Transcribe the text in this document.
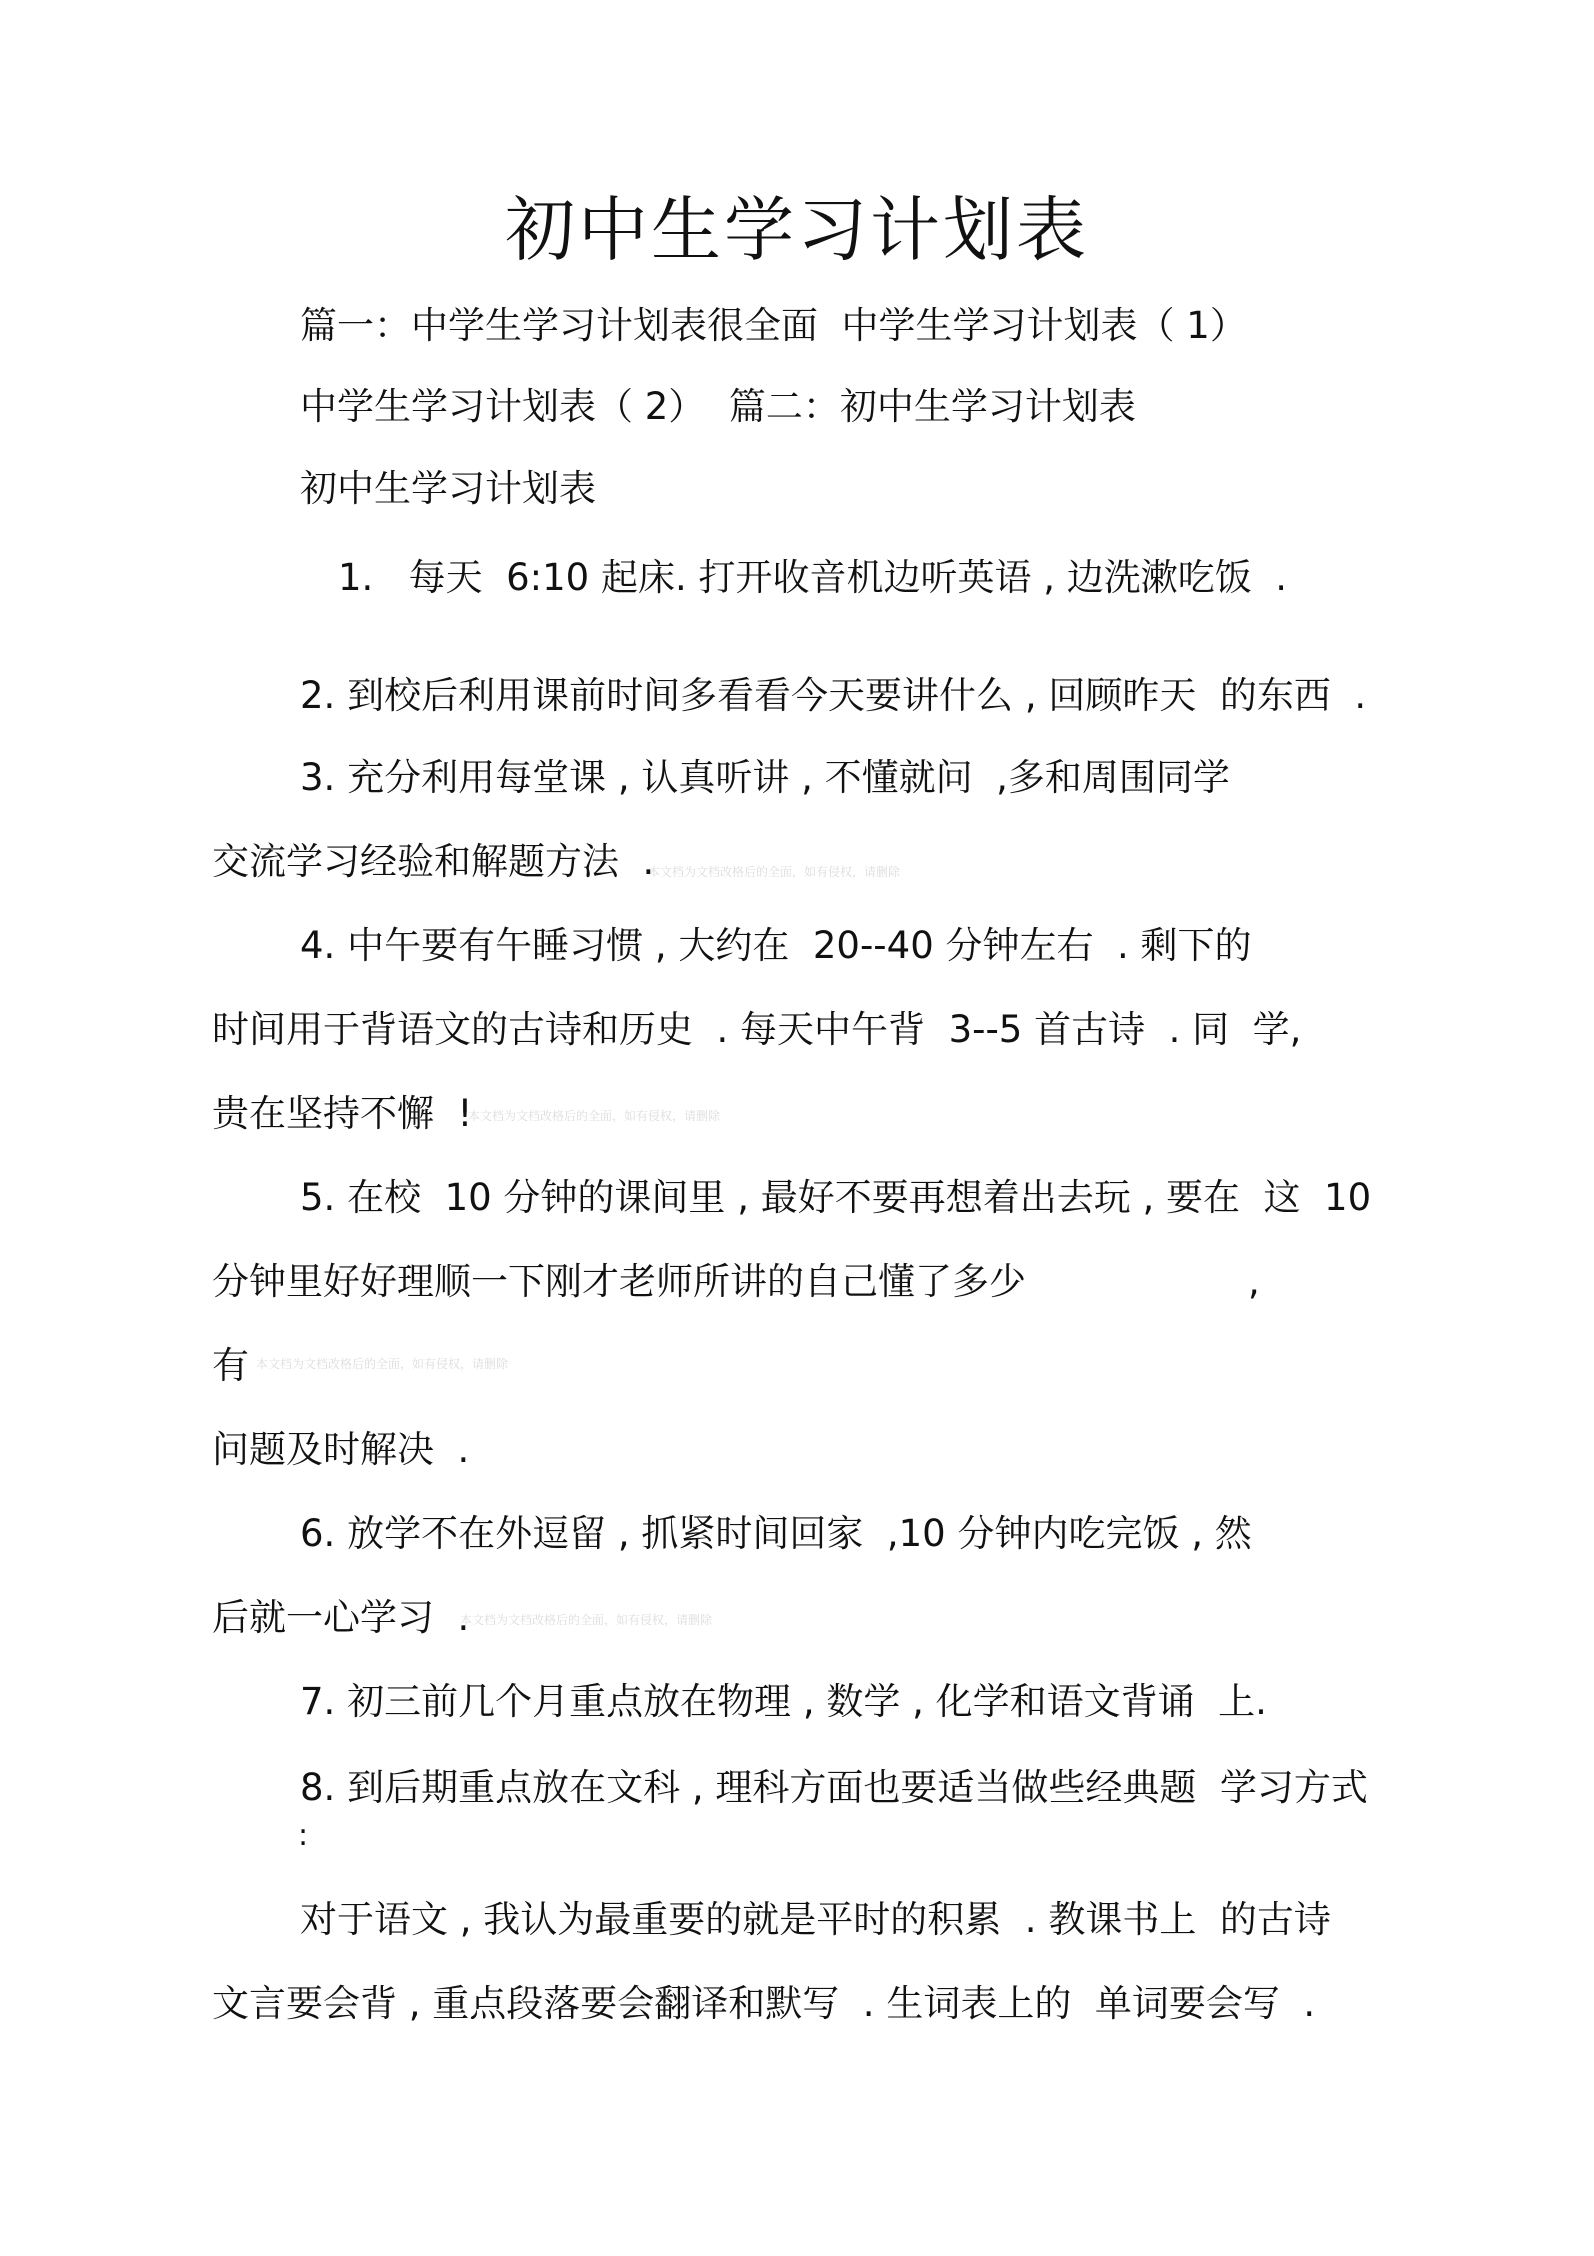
初中生学习计划表
篇一：中学生学习计划表很全面  中学生学习计划表（ 1）
中学生学习计划表（ 2）  篇二：初中生学习计划表
初中生学习计划表
1.   每天  6:10 起床. 打开收音机边听英语 , 边洗漱吃饭  .
2. 到校后利用课前时间多看看今天要讲什么 , 回顾昨天  的东西  .
3. 充分利用每堂课 , 认真听讲 , 不懂就问  ,多和周围同学
交流学习经验和解题方法  .
4. 中午要有午睡习惯 , 大约在  20--40 分钟左右  . 剩下的
时间用于背语文的古诗和历史  . 每天中午背  3--5 首古诗  . 同  学,
贵在坚持不懈  !
5. 在校  10 分钟的课间里 , 最好不要再想着出去玩 , 要在  这  10
分钟里好好理顺一下刚才老师所讲的自己懂了多少	,
有
问题及时解决  .
6. 放学不在外逗留 , 抓紧时间回家  ,10 分钟内吃完饭 , 然
后就一心学习  .
7. 初三前几个月重点放在物理 , 数学 , 化学和语文背诵  上.
8. 到后期重点放在文科 , 理科方面也要适当做些经典题  学习方式
:
对于语文 , 我认为最重要的就是平时的积累  . 教课书上  的古诗
文言要会背 , 重点段落要会翻译和默写  . 生词表上的  单词要会写  .
本文档为文档改格后的全面，如有侵权，请删除
本文档为文档改格后的全面，如有侵权，请删除
本文档为文档改格后的全面，如有侵权，请删除
本文档为文档改格后的全面，如有侵权，请删除
